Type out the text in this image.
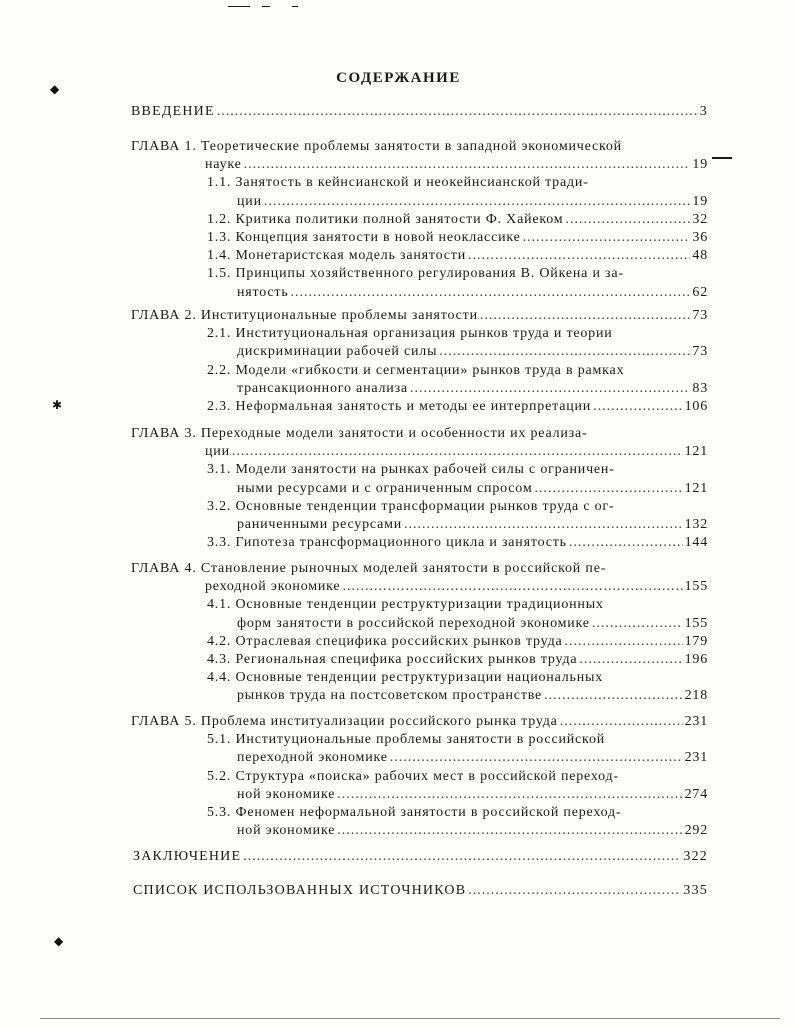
◆
✱
◆
СОДЕРЖАНИЕ
ВВЕДЕНИЕ .....	3
ГЛАВА 1. Теоретические проблемы занятости в западной экономической
науке .....	19
1.1. Занятость в кейнсианской и неокейнсианской тради-
ции .....	19
1.2. Критика политики полной занятости Ф. Хайеком .....	32
1.3. Концепция занятости в новой неоклассике .....	36
1.4. Монетаристская модель занятости .....	48
1.5. Принципы хозяйственного регулирования В. Ойкена и за-
нятость .....	62
ГЛАВА 2. Институциональные проблемы занятости .....	73
2.1. Институциональная организация рынков труда и теории
дискриминации рабочей силы .....	73
2.2. Модели «гибкости и сегментации» рынков труда в рамках
трансакционного анализа .....	83
2.3. Неформальная занятость и методы ее интерпретации .....	106
ГЛАВА 3. Переходные модели занятости и особенности их реализа-
ции .....	121
3.1. Модели занятости на рынках рабочей силы с ограничен-
ными ресурсами и с ограниченным спросом .....	121
3.2. Основные тенденции трансформации рынков труда с ог-
раниченными ресурсами .....	132
3.3. Гипотеза трансформационного цикла и занятость .....	144
ГЛАВА 4. Становление рыночных моделей занятости в российской пе-
реходной экономике .....	155
4.1. Основные тенденции реструктуризации традиционных
форм занятости в российской переходной экономике .....	155
4.2. Отраслевая специфика российских рынков труда .....	179
4.3. Региональная специфика российских рынков труда .....	196
4.4. Основные тенденции реструктуризации национальных
рынков труда на постсоветском пространстве .....	218
ГЛАВА 5. Проблема институализации российского рынка труда .....	231
5.1. Институциональные проблемы занятости в российской
переходной экономике .....	231
5.2. Структура «поиска» рабочих мест в российской переход-
ной экономике .....	274
5.3. Феномен неформальной занятости в российской переход-
ной экономике .....	292
ЗАКЛЮЧЕНИЕ .....	322
СПИСОК ИСПОЛЬЗОВАННЫХ ИСТОЧНИКОВ .....	335
